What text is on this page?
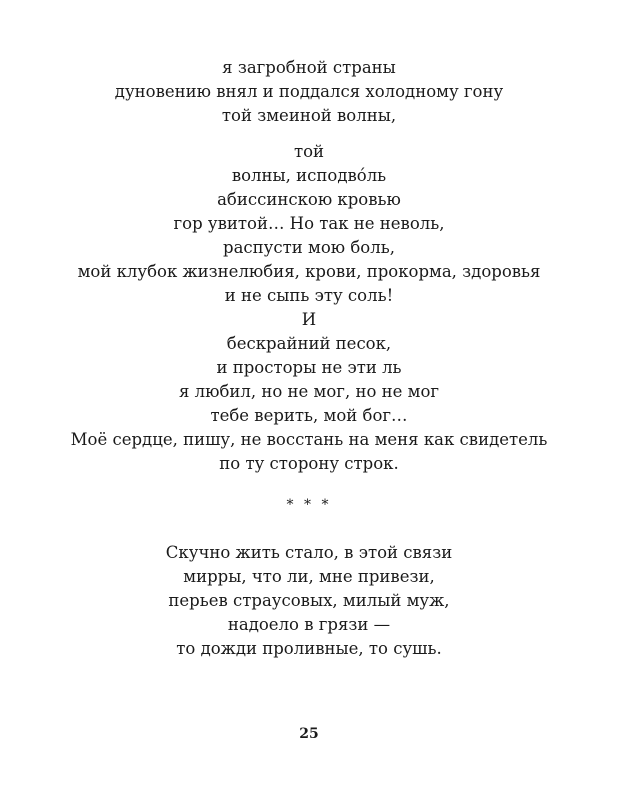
я загробной страны
дуновению внял и поддался холодному гону
той змеиной волны,
той
волны, исподво́ль
абиссинскою кровью
гор увитой… Но так не неволь,
распусти мою боль,
мой клубок жизнелюбия, крови, прокорма, здоровья
и не сыпь эту соль!
И
бескрайний песок,
и просторы не эти ль
я любил, но не мог, но не мог
тебе верить, мой бог…
Моё сердце, пишу, не восстань на меня как свидетель
по ту сторону строк.
* * *
Скучно жить стало, в этой связи
мирры, что ли, мне привези,
перьев страусовых, милый муж,
надоело в грязи —
то дожди проливные, то сушь.
25
